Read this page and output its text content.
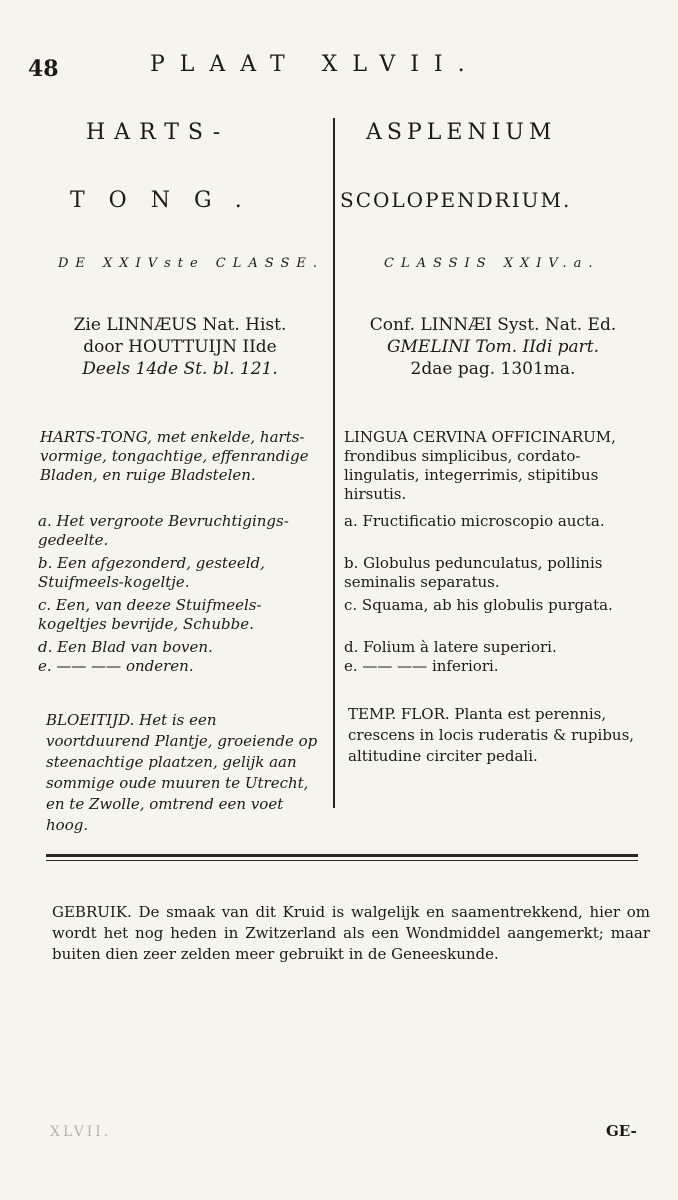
48	PLAAT XLVII.
HARTS-
TONG.
DE XXIVste CLASSE.

Zie LINNÆUS Nat. Hist.

door HOUTTUIJN IIde

Deels 14de St. bl. 121.

HARTS-TONG, met enkelde, harts-vormige, tongachtige, effenrandige Bladen, en ruige Bladstelen.

a. Het vergroote Bevruchtigings-gedeelte.

b. Een afgezonderd, gesteeld, Stuifmeels-kogeltje.

c. Een, van deeze Stuifmeels-kogeltjes bevrijde, Schubbe.

d. Een Blad van boven.

e. —— —— onderen.

BLOEITIJD. Het is een voortduurend Plantje, groeiende op steenachtige plaatzen, gelijk aan sommige oude muuren te Utrecht, en te Zwolle, omtrend een voet hoog.
ASPLENIUM
SCOLOPENDRIUM.
CLASSIS XXIV.a.

Conf. LINNÆI Syst. Nat. Ed.

GMELINI Tom. IIdi part.

2dae pag. 1301ma.

LINGUA CERVINA OFFICINARUM, frondibus simplicibus, cordato-lingulatis, integerrimis, stipitibus hirsutis.

a. Fructificatio microscopio aucta.

b. Globulus pedunculatus, pollinis seminalis separatus.

c. Squama, ab his globulis purgata.

d. Folium à latere superiori.

e. —— —— inferiori.

TEMP. FLOR. Planta est perennis, crescens in locis ruderatis & rupibus, altitudine circiter pedali.
GEBRUIK. De smaak van dit Kruid is walgelijk en saamentrekkend, hier om wordt het nog heden in Zwitzerland als een Wondmiddel aangemerkt; maar buiten dien zeer zelden meer gebruikt in de Geneeskunde.
XLVII.	GE-
